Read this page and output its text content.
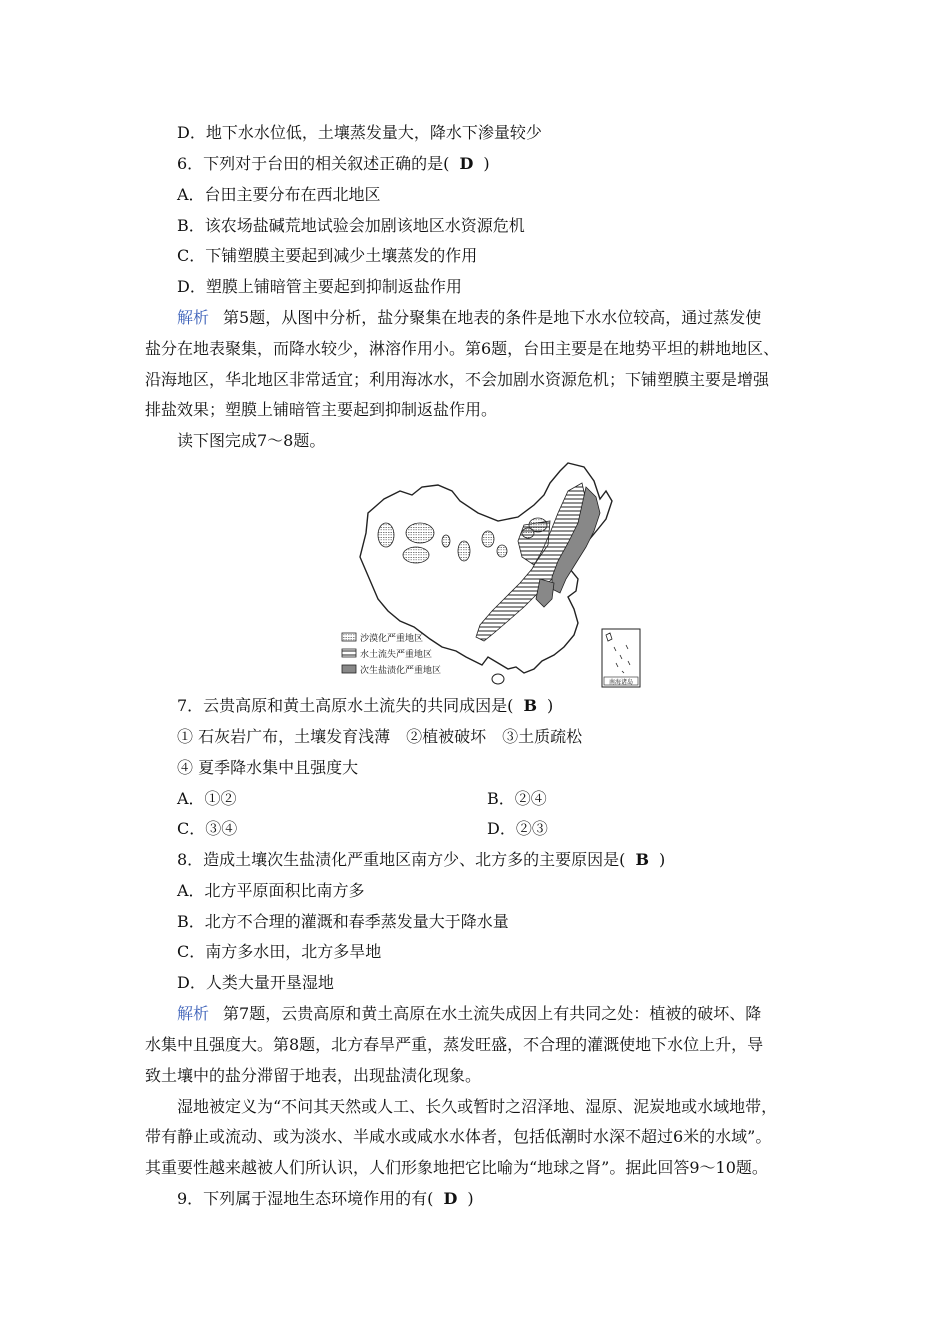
D．地下水水位低，土壤蒸发量大，降水下渗量较少
6．下列对于台田的相关叙述正确的是( D )
A．台田主要分布在西北地区
B．该农场盐碱荒地试验会加剧该地区水资源危机
C．下铺塑膜主要起到减少土壤蒸发的作用
D．塑膜上铺暗管主要起到抑制返盐作用
解析 第5题，从图中分析，盐分聚集在地表的条件是地下水水位较高，通过蒸发使
盐分在地表聚集，而降水较少，淋溶作用小。第6题，台田主要是在地势平坦的耕地地区、
沿海地区，华北地区非常适宜；利用海冰水，不会加剧水资源危机；下铺塑膜主要是增强
排盐效果；塑膜上铺暗管主要起到抑制返盐作用。
读下图完成7～8题。
沙漠化严重地区
水土流失严重地区
次生盐渍化严重地区
南海诸岛
7．云贵高原和黄土高原水土流失的共同成因是( B )
① 石灰岩广布，土壤发育浅薄　②植被破坏　③土质疏松
④ 夏季降水集中且强度大
A．①②	B．②④
C．③④	D．②③
8．造成土壤次生盐渍化严重地区南方少、北方多的主要原因是( B )
A．北方平原面积比南方多
B．北方不合理的灌溉和春季蒸发量大于降水量
C．南方多水田，北方多旱地
D．人类大量开垦湿地
解析 第7题，云贵高原和黄土高原在水土流失成因上有共同之处：植被的破坏、降
水集中且强度大。第8题，北方春旱严重，蒸发旺盛，不合理的灌溉使地下水位上升，导
致土壤中的盐分滞留于地表，出现盐渍化现象。
湿地被定义为“不问其天然或人工、长久或暂时之沼泽地、湿原、泥炭地或水域地带，
带有静止或流动、或为淡水、半咸水或咸水水体者，包括低潮时水深不超过6米的水域”。
其重要性越来越被人们所认识，人们形象地把它比喻为“地球之肾”。据此回答9～10题。
9．下列属于湿地生态环境作用的有( D )
